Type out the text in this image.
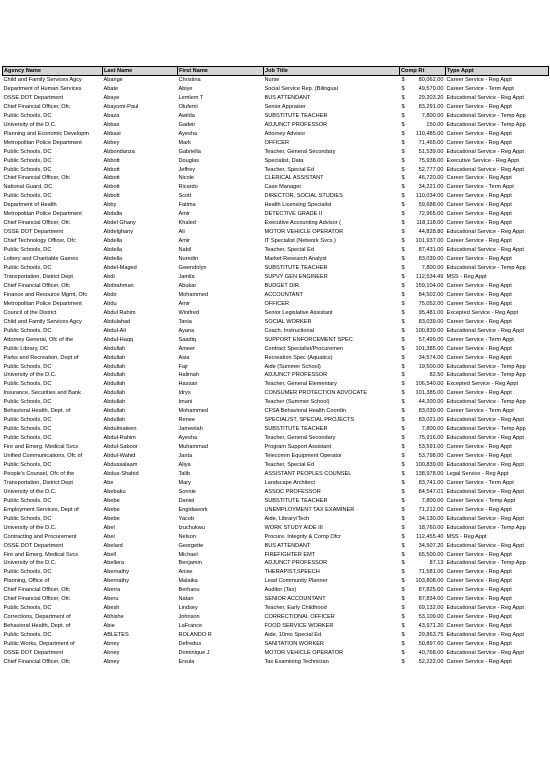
Agency Name	Last Name	First Name	Job Title	Comp Rt	Type Appt
Child and Family Services Agcy	Abange	Christina	Nurse	$ 80,062.00	Career Service - Reg Appt
Department of Human Services	Abate	Abiye	Social Service Rep. (Bilingual	$ 49,570.00	Career Service - Term Appt
OSSE DOT Department	Abaye	Lemlem T	BUS ATTENDANT	$ 29,203.20	Educational Service - Reg Appt
Chief Financial Officer, Ofc	Abayomi-Paul	Olufemi	Senior Appraiser	$ 83,291.00	Career Service - Reg Appt
Public Schools, DC	Abaza	Awilda	SUBSTITUTE TEACHER	$ 7,800.00	Educational Service - Temp App
University of the D.C.	Abbas	Gadeir	ADJUNCT PROFESSOR	$ 150.00	Educational Service - Temp App
Planning and Economic Developm	Abbasi	Ayesha	Attorney Advisor	$ 110,485.00	Career Service - Reg Appt
Metropolitan Police Department	Abbey	Mark	OFFICER	$ 71,465.00	Career Service - Reg Appt
Public Schools, DC	Abbondanza	Gabriella	Teacher, General Secondary	$ 51,539.00	Educational Service - Reg Appt
Public Schools, DC	Abbott	Douglas	Specialist, Data	$ 75,938.00	Executive Service - Reg Appt
Public Schools, DC	Abbott	Jeffrey	Teacher, Special Ed	$ 52,777.00	Educational Service - Reg Appt
Chief Financial Officer, Ofc	Abbott	Nicole	CLERICAL ASSISTANT	$ 46,720.00	Career Service - Reg Appt
National Guard, DC	Abbott	Ricardo	Case Manager	$ 34,221.00	Career Service - Term Appt
Public Schools, DC	Abbott	Scott	DIRECTOR, SOCIAL STUDIES	$ 110,034.00	Career Service - Reg Appt
Department of Health	Abby	Fatima	Health Licensing Specialist	$ 59,688.00	Career Service - Reg Appt
Metropolitan Police Department	Abdalla	Amir	DETECTIVE GRADE II	$ 72,965.00	Career Service - Reg Appt
Chief Financial Officer, Ofc	Abdel Ghany	Khaled	Executive Accounting Advisor (	$ 118,118.00	Career Service - Reg Appt
OSSE DOT Department	Abdelghany	Ali	MOTOR VEHICLE OPERATOR	$ 44,828.80	Educational Service - Reg Appt
Chief Technology Officer, Ofc	Abdella	Amir	IT Specialist (Network Svcs.)	$ 101,937.00	Career Service - Reg Appt
Public Schools, DC	Abdella	Nabil	Teacher, Special Ed	$ 87,431.00	Educational Service - Reg Appt
Lottery and Charitable Games	Abdella	Nuredin	Market Research Analyst	$ 83,039.00	Career Service - Reg Appt
Public Schools, DC	Abdel-Maged	Gwendolyn	SUBSTITUTE TEACHER	$ 7,800.00	Educational Service - Temp App
Transportation, District Dept	Abdi	Jamila	SUPVY GEN ENGINEER	$ 112,534.49	MSS - Reg Appt
Chief Financial Officer, Ofc	Abdirahman	Abukar	BUDGET DIR.	$ 159,104.00	Career Service - Reg Appt
Finance and Resource Mgmt, Ofc	Abdo	Mohammed	ACCOUNTANT	$ 84,502.00	Career Service - Reg Appt
Metropolitan Police Department	Abdu	Amir	OFFICER	$ 75,052.00	Career Service - Reg Appt
Council of the District	Abdul Rahim	Winifred	Senior Legislative Assistant	$ 95,481.00	Excepted Service - Reg Appt
Child and Family Services Agcy	Abdulahad	Tania	SOCIAL WORKER	$ 83,039.00	Career Service - Reg Appt
Public Schools, DC	Abdul-Ali	Ayana	Coach, Instructional	$ 100,839.00	Educational Service - Reg Appt
Attorney General, Ofc of the	Abdul-Haqq	Saadiq	SUPPORT ENFORCEMENT SPEC	$ 57,499.00	Career Service - Term Appt
Public Library, DC	Abdullah	Ameer	Contract Specialist/Procuremen	$ 101,385.00	Career Service - Reg Appt
Parks and Recreation, Dept of	Abdullah	Asia	Recreation Spec (Aquatics)	$ 34,574.00	Career Service - Reg Appt
Public Schools, DC	Abdullah	Fajr	Aide (Summer School)	$ 19,500.00	Educational Service - Temp App
University of the D.C.	Abdullah	Halimah	ADJUNCT PROFESSOR	$ 82.50	Educational Service - Temp App
Public Schools, DC	Abdullah	Hassan	Teacher, General Elementary	$ 106,540.00	Excepted Service - Reg Appt
Insurance, Securities and Bank	Abdullah	Idrys	CONSUMER PROTECTION ADVOCATE	$ 101,385.00	Career Service - Reg Appt
Public Schools, DC	Abdullah	Imani	Teacher (Summer School)	$ 44,200.00	Educational Service - Temp App
Behavioral Health, Dept. of	Abdullah	Mohammed	CFSA Behavioral Health Coordin	$ 83,039.00	Career Service - Term Appt
Public Schools, DC	Abdullah	Renee	SPECIALIST, SPECIAL PROJECTS	$ 83,021.00	Educational Service - Reg Appt
Public Schools, DC	Abdulmateen	Jameelah	SUBSTITUTE TEACHER	$ 7,800.00	Educational Service - Temp App
Public Schools, DC	Abdul-Rahim	Ayesha	Teacher, General Secondary	$ 75,916.00	Educational Service - Reg Appt
Fire and Emerg. Medical Svcs	Abdul-Saboor	Muhammad	Program Support Assistant	$ 53,591.00	Career Service - Reg Appt
Unified Communications, Ofc of	Abdul-Wahid	Janta	Telecomm Equipment Operator	$ 53,798.00	Career Service - Reg Appt
Public Schools, DC	Abdussalaam	Aliya	Teacher, Special Ed	$ 100,839.00	Educational Service - Reg Appt
People's Counsel, Ofc of the	Abdus-Shahid	Talib	ASSISTANT PEOPLES COUNSEL	$ 138,978.00	Legal Service - Reg Appt
Transportation, District Dept	Abe	Mary	Landscape Architect	$ 83,741.00	Career Service - Term Appt
University of the D.C.	Abebaku	Sonnie	ASSOC PROFESSOR	$ 84,547.01	Educational Service - Reg Appt
Public Schools, DC	Abebe	Daniel	SUBSTITUTE TEACHER	$ 7,800.00	Career Service - Temp Appt
Employment Services, Dept of	Abebe	Engidawork	UNEMPLOYMENT TAX EXAMINER	$ 71,212.00	Career Service - Reg Appt
Public Schools, DC	Abebe	Yacob	Aide, Library/Tech	$ 34,130.00	Educational Service - Reg Appt
University of the D.C.	Abel	Izuchukwu	WORK STUDY AIDE III	$ 18,760.00	Educational Service - Temp App
Contracting and Procurement	Abel	Nelson	Procure. Integrity & Comp Ofcr	$ 112,455.40	MSS - Reg Appt
OSSE DOT Department	Abelard	Georgette	BUS ATTENDANT	$ 34,507.20	Educational Service - Reg Appt
Fire and Emerg. Medical Svcs	Abell	Michael	FIREFIGHTER EMT	$ 65,500.00	Career Service - Reg Appt
University of the D.C.	Abellera	Benjamin	ADJUNCT PROFESSOR	$ 87.13	Educational Service - Temp App
Public Schools, DC	Abernathy	Anise	THERAPIST,SPEECH	$ 71,581.00	Career Service - Reg Appt
Planning, Office of	Abernathy	Malaika	Lead Community Planner	$ 103,808.00	Career Service - Reg Appt
Chief Financial Officer, Ofc	Aberra	Berhanu	Auditor (Tax)	$ 87,825.00	Career Service - Reg Appt
Chief Financial Officer, Ofc	Aberu	Natan	SENIOR ACCOUNTANT	$ 87,834.00	Career Service - Reg Appt
Public Schools, DC	Abesh	Lindsey	Teacher, Early Childhood	$ 69,132.00	Educational Service - Reg Appt
Corrections, Department of	Abhishe	Johnson	CORRECTIONAL OFFICER	$ 53,109.00	Career Service - Reg Appt
Behavioral Health, Dept. of	Abie	LaFrance	FOOD SERVICE WORKER	$ 43,971.20	Career Service - Reg Appt
Public Schools, DC	ABLETES	ROLANDO R	Aide, 10mo Special Ed	$ 29,863.75	Educational Service - Reg Appt
Public Works, Department of	Abney	Defredus	SANITATION WORKER	$ 50,897.60	Career Service - Reg Appt
OSSE DOT Department	Abney	Dominique J	MOTOR VEHICLE OPERATOR	$ 40,768.00	Educational Service - Reg Appt
Chief Financial Officer, Ofc	Abney	Ersula	Tax Examining Technician	$ 52,222.00	Career Service - Reg Appt
